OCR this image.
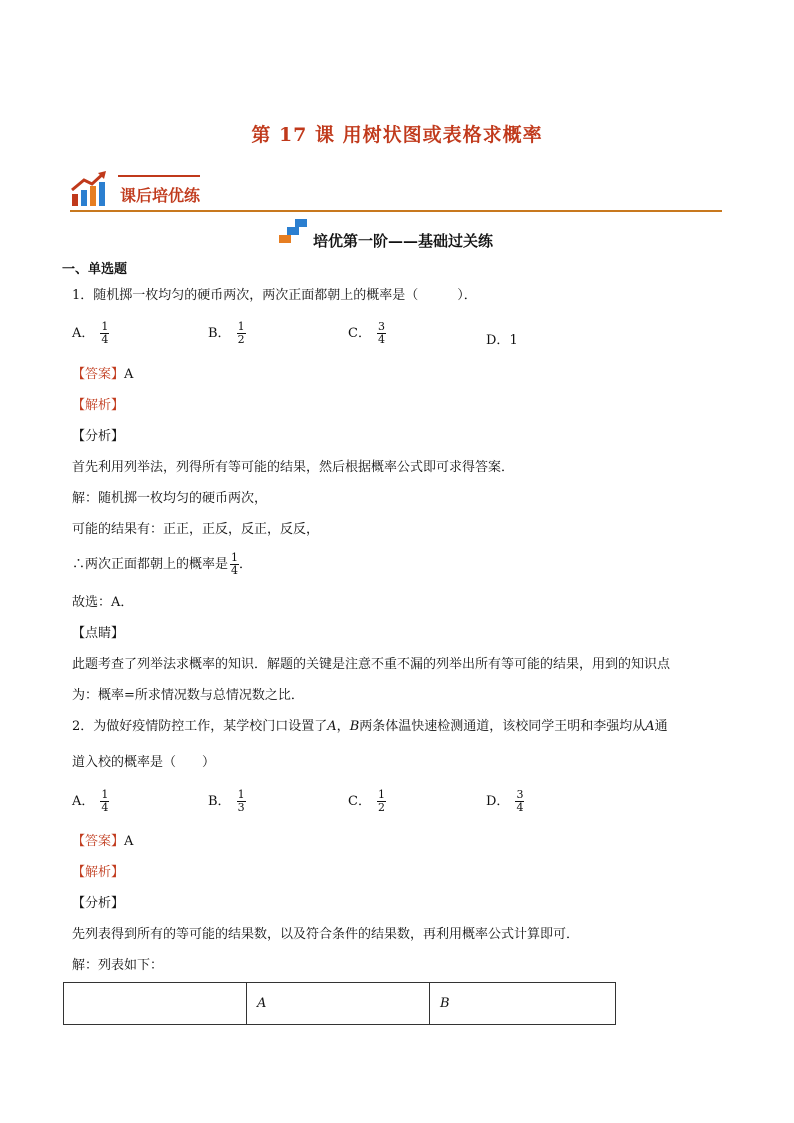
第 17 课 用树状图或表格求概率
课后培优练
培优第一阶——基础过关练
一、单选题
1．随机掷一枚均匀的硬币两次，两次正面都朝上的概率是（　　　）．
A． $\frac{1}{4}$	B． $\frac{1}{2}$	C． $\frac{3}{4}$	D．1
【答案】A
【解析】
【分析】
首先利用列举法，列得所有等可能的结果，然后根据概率公式即可求得答案．
解：随机掷一枚均匀的硬币两次，
可能的结果有：正正，正反，反正，反反，
∴两次正面都朝上的概率是 $\frac{1}{4}$ ．
故选：A．
【点睛】
此题考查了列举法求概率的知识．解题的关键是注意不重不漏的列举出所有等可能的结果，用到的知识点
为：概率=所求情况数与总情况数之比．
2．为做好疫情防控工作，某学校门口设置了A，B两条体温快速检测通道，该校同学王明和李强均从A通
道入校的概率是（　　）
A． $\frac{1}{4}$	B． $\frac{1}{3}$	C． $\frac{1}{2}$	D． $\frac{3}{4}$
【答案】A
【解析】
【分析】
先列表得到所有的等可能的结果数，以及符合条件的结果数，再利用概率公式计算即可．
解：列表如下：
	A	B
